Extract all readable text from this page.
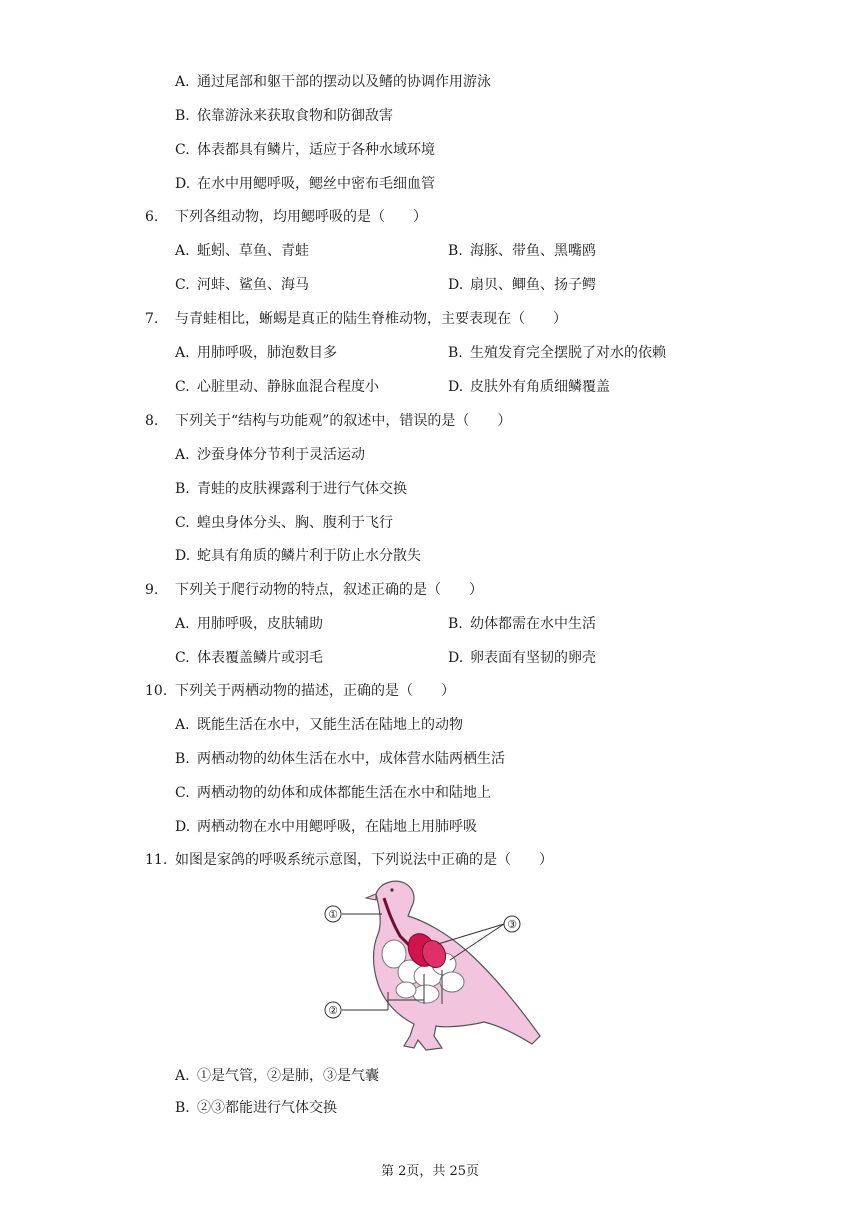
A. 通过尾部和躯干部的摆动以及鳍的协调作用游泳
B. 依靠游泳来获取食物和防御敌害
C. 体表都具有鳞片，适应于各种水域环境
D. 在水中用鳃呼吸，鳃丝中密布毛细血管
6. 下列各组动物，均用鳃呼吸的是（　　）
A. 蚯蚓、草鱼、青蛙	B. 海豚、带鱼、黑嘴鸥
C. 河蚌、鲨鱼、海马	D. 扇贝、鲫鱼、扬子鳄
7. 与青蛙相比，蜥蜴是真正的陆生脊椎动物，主要表现在（　　）
A. 用肺呼吸，肺泡数目多	B. 生殖发育完全摆脱了对水的依赖
C. 心脏里动、静脉血混合程度小	D. 皮肤外有角质细鳞覆盖
8. 下列关于“结构与功能观”的叙述中，错误的是（　　）
A. 沙蚕身体分节利于灵活运动
B. 青蛙的皮肤裸露利于进行气体交换
C. 蝗虫身体分头、胸、腹利于飞行
D. 蛇具有角质的鳞片利于防止水分散失
9. 下列关于爬行动物的特点，叙述正确的是（　　）
A. 用肺呼吸，皮肤辅助	B. 幼体都需在水中生活
C. 体表覆盖鳞片或羽毛	D. 卵表面有坚韧的卵壳
10. 下列关于两栖动物的描述，正确的是（　　）
A. 既能生活在水中，又能生活在陆地上的动物
B. 两栖动物的幼体生活在水中，成体营水陆两栖生活
C. 两栖动物的幼体和成体都能生活在水中和陆地上
D. 两栖动物在水中用鳃呼吸，在陆地上用肺呼吸
11. 如图是家鸽的呼吸系统示意图，下列说法中正确的是（　　）
①
②
③
A. ①是气管，②是肺，③是气囊
B. ②③都能进行气体交换
第 2页，共 25页
